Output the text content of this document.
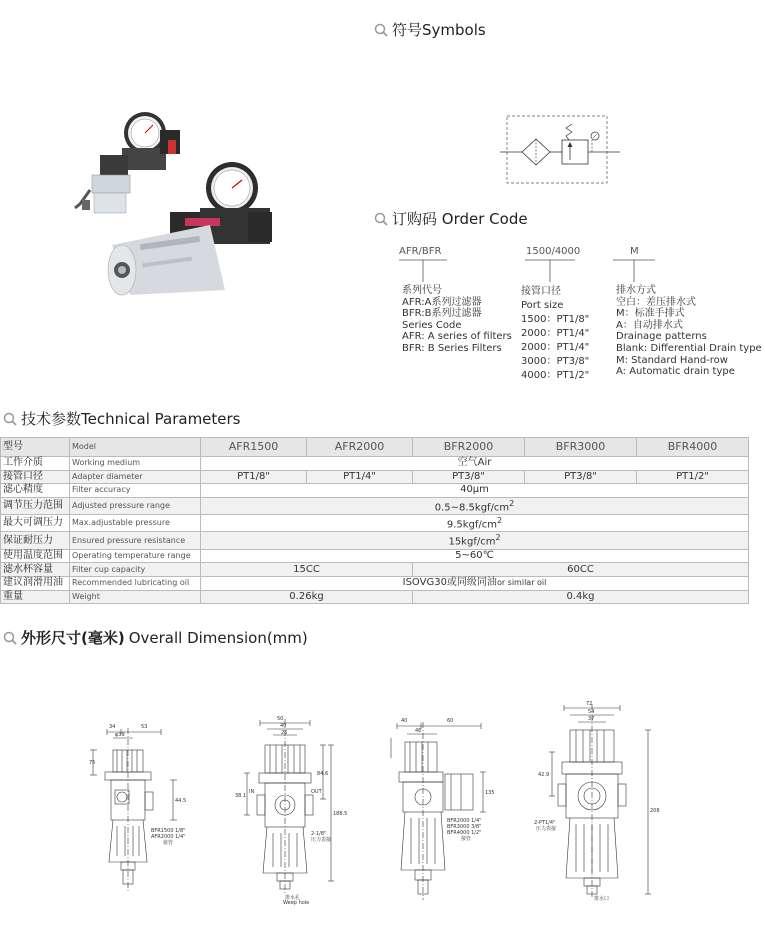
符号Symbols
订购码 Order Code
AFR/BFR	1500/4000	M
系列代号
AFR:A系列过滤器
BFR:B系列过滤器
Series Code
AFR: A series of filters
BFR: B Series Filters
接管口径
Port size
1500：PT1/8"
2000：PT1/4"
2000：PT1/4"
3000：PT3/8"
4000：PT1/2"
排水方式
空白：差压排水式
M：标准手排式
A：自动排水式
Drainage patterns
Blank: Differential Drain type
M: Standard Hand-row
A: Automatic drain type
技术参数Technical Parameters
型号	Model	AFR1500	AFR2000	BFR2000	BFR3000	BFR4000
工作介质	Working medium	空气Air				
接管口径	Adapter diameter	PT1/8"	PT1/4"	PT3/8"	PT3/8"	PT1/2"
滤心精度	Filter accuracy	40μm				
调节压力范围	Adjusted pressure range	$0.5\sim 8.5kgf/cm^2$
最大可调压力	Max.adjustable pressure	$9.5kgf/cm^2$
保证耐压力	Ensured pressure resistance	$15kgf/cm^2$
使用温度范围	Operating temperature range	5~60℃				
滤水杯容量	Filter cup capacity	15CC		60CC		
建议润滑用油	Recommended lubricating oil	ISOVG30或同级同油or similar oil				
重量	Weight	0.26kg		0.4kg		
外形尺寸(毫米) Overall Dimension(mm)
34	53
φ39
75
44.5
BFR1500 1/8"
AFR2000 1/4"
接管
50
40
26
38.1
84.6
188.5
OUT
IN
2-1/8"
压力表接
排水孔
Weep hole
40	60
46
135
BFR2000 1/4"
BFR3000 3/8"
BFR4000 1/2"
接管
72
54
37
42.9
208
2-PT1/4"
压力表接
排水口
